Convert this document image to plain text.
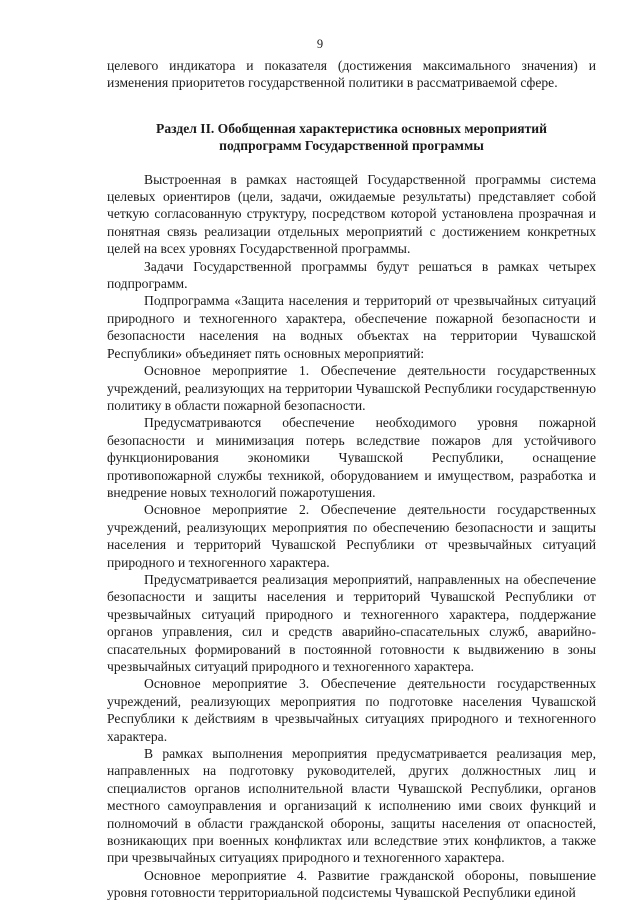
9

целевого индикатора и показателя (достижения максимального значения) и изменения приоритетов государственной политики в рассматриваемой сфере.

Раздел II. Обобщенная характеристика основных мероприятий
подпрограмм Государственной программы

Выстроенная в рамках настоящей Государственной программы система целевых ориентиров (цели, задачи, ожидаемые результаты) представляет собой четкую согласованную структуру, посредством которой установлена прозрачная и понятная связь реализации отдельных мероприятий с достижением конкретных целей на всех уровнях Государственной программы.

Задачи Государственной программы будут решаться в рамках четырех подпрограмм.

Подпрограмма «Защита населения и территорий от чрезвычайных ситуаций природного и техногенного характера, обеспечение пожарной безопасности и безопасности населения на водных объектах на территории Чувашской Республики» объединяет пять основных мероприятий:

Основное мероприятие 1. Обеспечение деятельности государственных учреждений, реализующих на территории Чувашской Республики государственную политику в области пожарной безопасности.

Предусматриваются обеспечение необходимого уровня пожарной безопасности и минимизация потерь вследствие пожаров для устойчивого функционирования экономики Чувашской Республики, оснащение противопожарной службы техникой, оборудованием и имуществом, разработка и внедрение новых технологий пожаротушения.

Основное мероприятие 2. Обеспечение деятельности государственных учреждений, реализующих мероприятия по обеспечению безопасности и защиты населения и территорий Чувашской Республики от чрезвычайных ситуаций природного и техногенного характера.

Предусматривается реализация мероприятий, направленных на обеспечение безопасности и защиты населения и территорий Чувашской Республики от чрезвычайных ситуаций природного и техногенного характера, поддержание органов управления, сил и средств аварийно-спасательных служб, аварийно-спасательных формирований в постоянной готовности к выдвижению в зоны чрезвычайных ситуаций природного и техногенного характера.

Основное мероприятие 3. Обеспечение деятельности государственных учреждений, реализующих мероприятия по подготовке населения Чувашской Республики к действиям в чрезвычайных ситуациях природного и техногенного характера.

В рамках выполнения мероприятия предусматривается реализация мер, направленных на подготовку руководителей, других должностных лиц и специалистов органов исполнительной власти Чувашской Республики, органов местного самоуправления и организаций к исполнению ими своих функций и полномочий в области гражданской обороны, защиты населения от опасностей, возникающих при военных конфликтах или вследствие этих конфликтов, а также при чрезвычайных ситуациях природного и техногенного характера.

Основное мероприятие 4. Развитие гражданской обороны, повышение уровня готовности территориальной подсистемы Чувашской Республики единой
